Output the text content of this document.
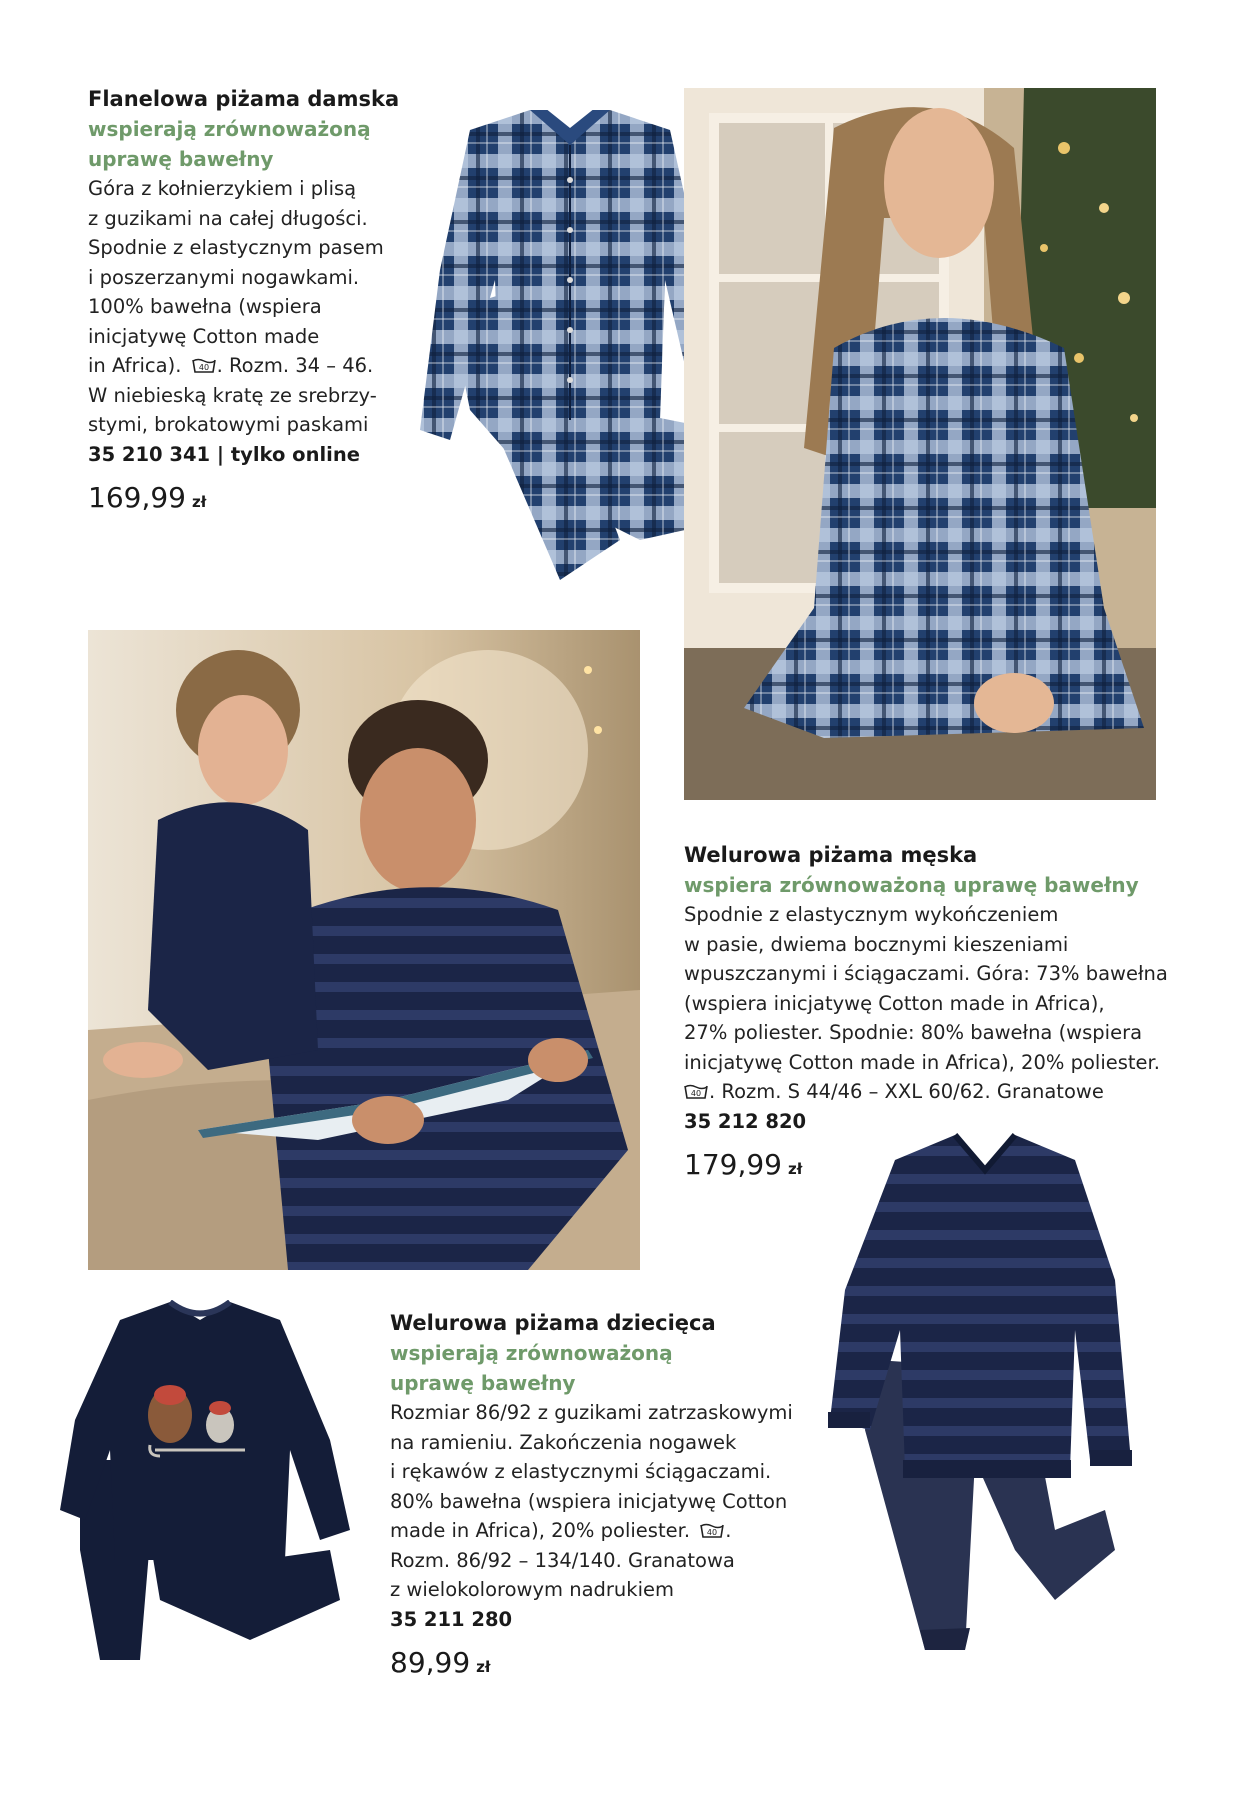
Flanelowa piżama damska
wspierają zrównoważoną
uprawę bawełny

Góra z kołnierzykiem i plisą

z guzikami na całej długości.

Spodnie z elastycznym pasem

i poszerzanymi nogawkami.

100% bawełna (wspiera

inicjatywę Cotton made

in Africa). . Rozm. 34 – 46.

W niebieską kratę ze srebrzy-

stymi, brokatowymi paskami

35 210 341 | tylko online
169,99 zł
Welurowa piżama męska
wspiera zrównoważoną uprawę bawełny

Spodnie z elastycznym wykończeniem

w pasie, dwiema bocznymi kieszeniami

wpuszczanymi i ściągaczami. Góra: 73% bawełna

(wspiera inicjatywę Cotton made in Africa),

27% poliester. Spodnie: 80% bawełna (wspiera

inicjatywę Cotton made in Africa), 20% poliester.

. Rozm. S 44/46 – XXL 60/62. Granatowe

35 212 820
179,99 zł
Welurowa piżama dziecięca
wspierają zrównoważoną
uprawę bawełny

Rozmiar 86/92 z guzikami zatrzaskowymi

na ramieniu. Zakończenia nogawek

i rękawów z elastycznymi ściągaczami.

80% bawełna (wspiera inicjatywę Cotton

made in Africa), 20% poliester. .

Rozm. 86/92 – 134/140. Granatowa

z wielokolorowym nadrukiem

35 211 280
89,99 zł
